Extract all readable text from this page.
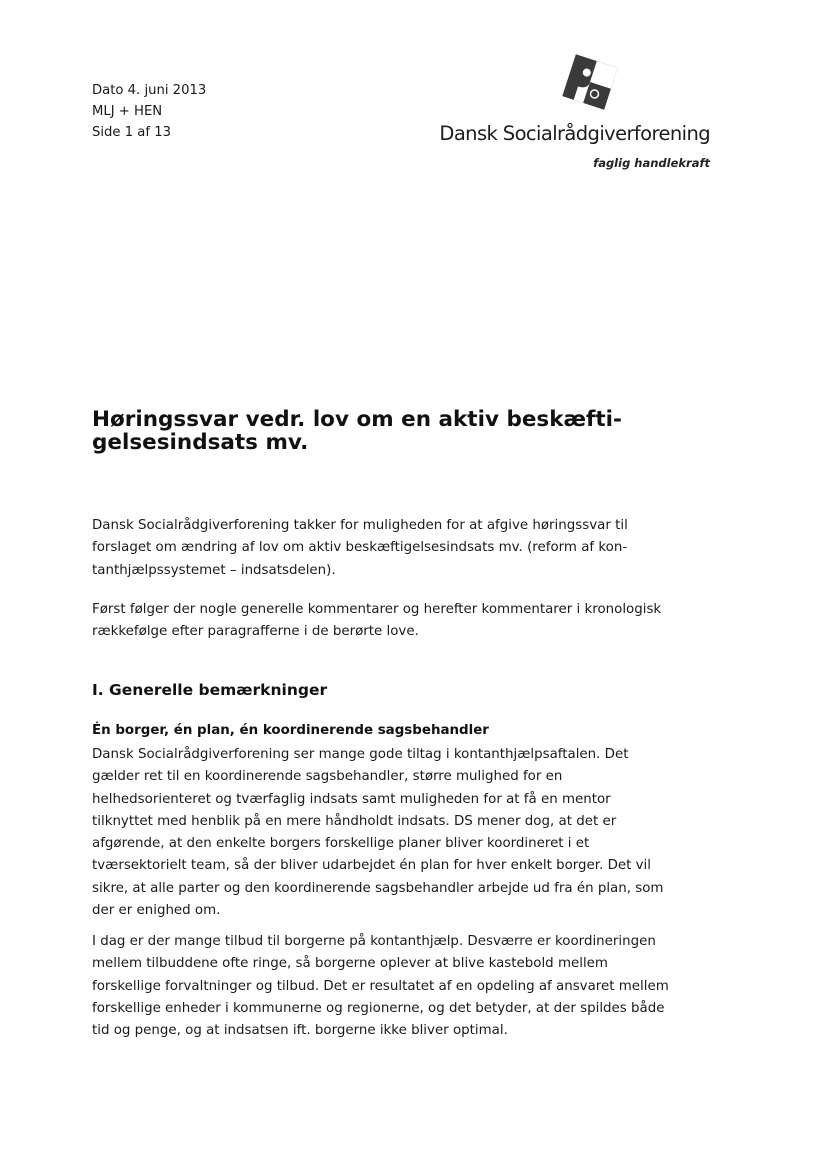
Dato 4. juni 2013
MLJ + HEN
Side 1 af 13	Dansk Socialrådgiverforening
faglig handlekraft
Høringssvar vedr. lov om en aktiv beskæftigelsesindsats mv.

Dansk Socialrådgiverforening takker for muligheden for at afgive høringssvar til forslaget om ændring af lov om aktiv beskæftigelsesindsats mv. (reform af kontanthjælpssystemet – indsatsdelen).

Først følger der nogle generelle kommentarer og herefter kommentarer i kronologisk rækkefølge efter paragrafferne i de berørte love.

I. Generelle bemærkninger
Én borger, én plan, én koordinerende sagsbehandler

Dansk Socialrådgiverforening ser mange gode tiltag i kontanthjælpsaftalen. Det gælder ret til en koordinerende sagsbehandler, større mulighed for en helhedsorienteret og tværfaglig indsats samt muligheden for at få en mentor tilknyttet med henblik på en mere håndholdt indsats. DS mener dog, at det er afgørende, at den enkelte borgers forskellige planer bliver koordineret i et tværsektorielt team, så der bliver udarbejdet én plan for hver enkelt borger. Det vil sikre, at alle parter og den koordinerende sagsbehandler arbejde ud fra én plan, som der er enighed om.

I dag er der mange tilbud til borgerne på kontanthjælp. Desværre er koordineringen mellem tilbuddene ofte ringe, så borgerne oplever at blive kastebold mellem forskellige forvaltninger og tilbud. Det er resultatet af en opdeling af ansvaret mellem forskellige enheder i kommunerne og regionerne, og det betyder, at der spildes både tid og penge, og at indsatsen ift. borgerne ikke bliver optimal.
